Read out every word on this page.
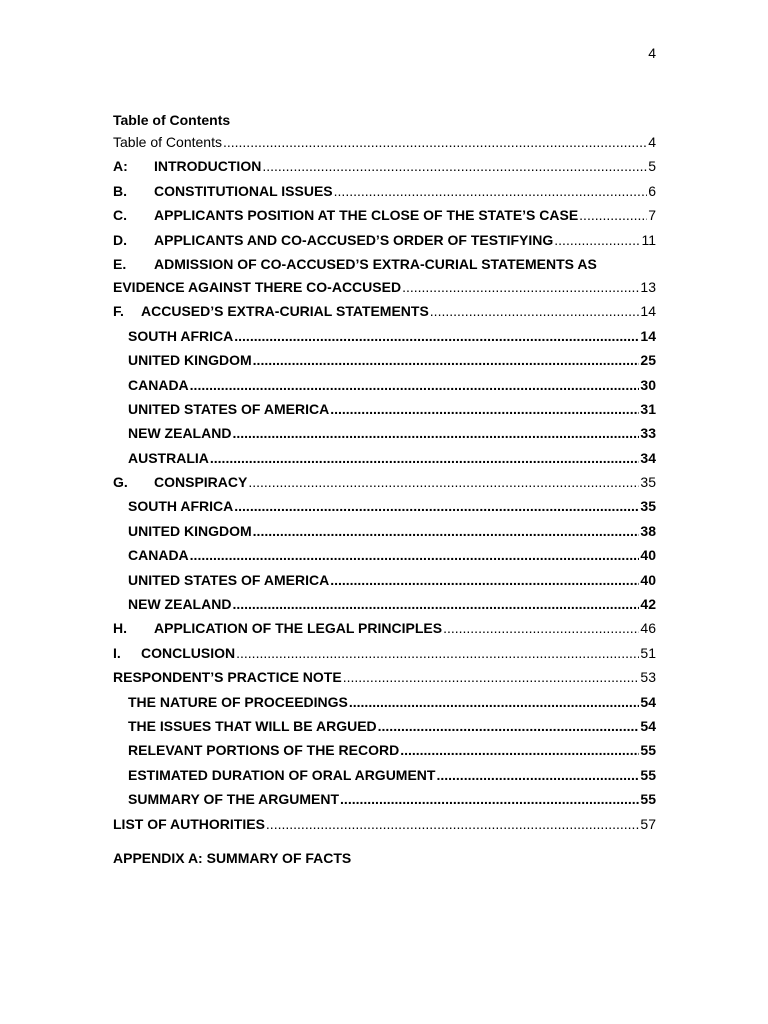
4
Table of Contents
Table of Contents .....	4
A:	INTRODUCTION .....	5
B.	CONSTITUTIONAL ISSUES .....	6
C.	APPLICANTS POSITION AT THE CLOSE OF THE STATE’S CASE .....	7
D.	APPLICANTS AND CO-ACCUSED’S ORDER OF TESTIFYING .....	11
E.	ADMISSION OF CO-ACCUSED’S EXTRA-CURIAL STATEMENTS AS
EVIDENCE AGAINST THERE CO-ACCUSED .....	13
F.	ACCUSED’S EXTRA-CURIAL STATEMENTS .....	14
SOUTH AFRICA .....	14
UNITED KINGDOM .....	25
CANADA .....	30
UNITED STATES OF AMERICA .....	31
NEW ZEALAND .....	33
AUSTRALIA .....	34
G.	CONSPIRACY .....	35
SOUTH AFRICA .....	35
UNITED KINGDOM .....	38
CANADA .....	40
UNITED STATES OF AMERICA .....	40
NEW ZEALAND .....	42
H.	APPLICATION OF THE LEGAL PRINCIPLES .....	46
I.	CONCLUSION .....	51
RESPONDENT’S PRACTICE NOTE .....	53
THE NATURE OF PROCEEDINGS .....	54
THE ISSUES THAT WILL BE ARGUED .....	54
RELEVANT PORTIONS OF THE RECORD .....	55
ESTIMATED DURATION OF ORAL ARGUMENT .....	55
SUMMARY OF THE ARGUMENT .....	55
LIST OF AUTHORITIES .....	57
APPENDIX A: SUMMARY OF FACTS
